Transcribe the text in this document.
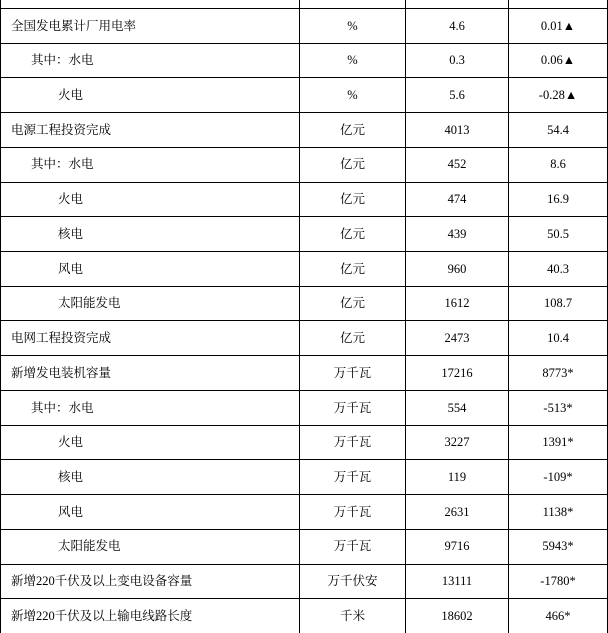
全国发电累计厂用电率	%	4.6	0.01▲
其中：水电	%	0.3	0.06▲
火电	%	5.6	-0.28▲
电源工程投资完成	亿元	4013	54.4
其中：水电	亿元	452	8.6
火电	亿元	474	16.9
核电	亿元	439	50.5
风电	亿元	960	40.3
太阳能发电	亿元	1612	108.7
电网工程投资完成	亿元	2473	10.4
新增发电装机容量	万千瓦	17216	8773*
其中：水电	万千瓦	554	-513*
火电	万千瓦	3227	1391*
核电	万千瓦	119	-109*
风电	万千瓦	2631	1138*
太阳能发电	万千瓦	9716	5943*
新增220千伏及以上变电设备容量	万千伏安	13111	-1780*
新增220千伏及以上输电线路长度	千米	18602	466*
